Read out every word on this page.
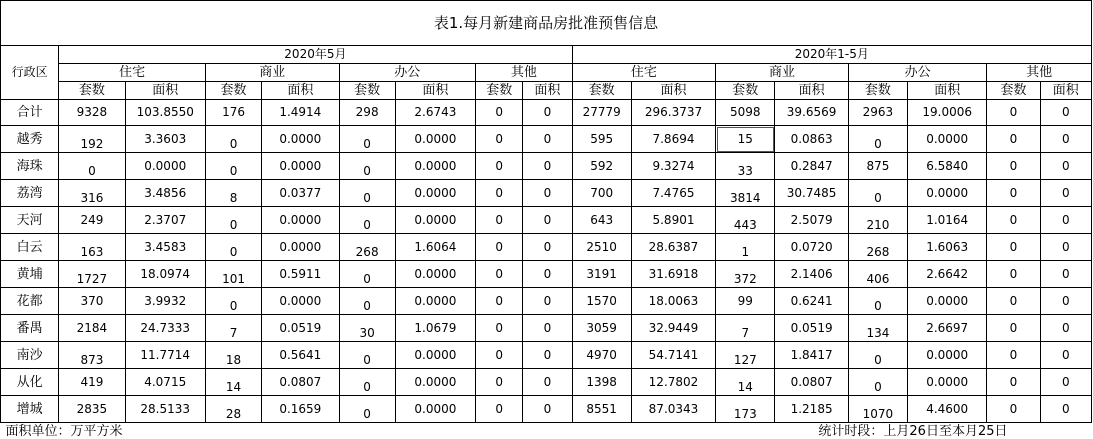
表1.每月新建商品房批准预售信息																
行政区	2020年5月								2020年1-5月							
	住宅		商业		办公		其他		住宅		商业		办公		其他	
	套数	面积	套数	面积	套数	面积	套数	面积	套数	面积	套数	面积	套数	面积	套数	面积
合计	9328	103.8550	176	1.4914	298	2.6743	0	0	27779	296.3737	5098	39.6569	2963	19.0006	0	0
越秀	192	3.3603	0	0.0000	0	0.0000	0	0	595	7.8694	15	0.0863	0	0.0000	0	0
海珠	0	0.0000	0	0.0000	0	0.0000	0	0	592	9.3274	33	0.2847	875	6.5840	0	0
荔湾	316	3.4856	8	0.0377	0	0.0000	0	0	700	7.4765	3814	30.7485	0	0.0000	0	0
天河	249	2.3707	0	0.0000	0	0.0000	0	0	643	5.8901	443	2.5079	210	1.0164	0	0
白云	163	3.4583	0	0.0000	268	1.6064	0	0	2510	28.6387	1	0.0720	268	1.6063	0	0
黄埔	1727	18.0974	101	0.5911	0	0.0000	0	0	3191	31.6918	372	2.1406	406	2.6642	0	0
花都	370	3.9932	0	0.0000	0	0.0000	0	0	1570	18.0063	99	0.6241	0	0.0000	0	0
番禺	2184	24.7333	7	0.0519	30	1.0679	0	0	3059	32.9449	7	0.0519	134	2.6697	0	0
南沙	873	11.7714	18	0.5641	0	0.0000	0	0	4970	54.7141	127	1.8417	0	0.0000	0	0
从化	419	4.0715	14	0.0807	0	0.0000	0	0	1398	12.7802	14	0.0807	0	0.0000	0	0
增城	2835	28.5133	28	0.1659	0	0.0000	0	0	8551	87.0343	173	1.2185	1070	4.4600	0	0

面积单位：万平方米 统计时段：上月26日至本月25日																
